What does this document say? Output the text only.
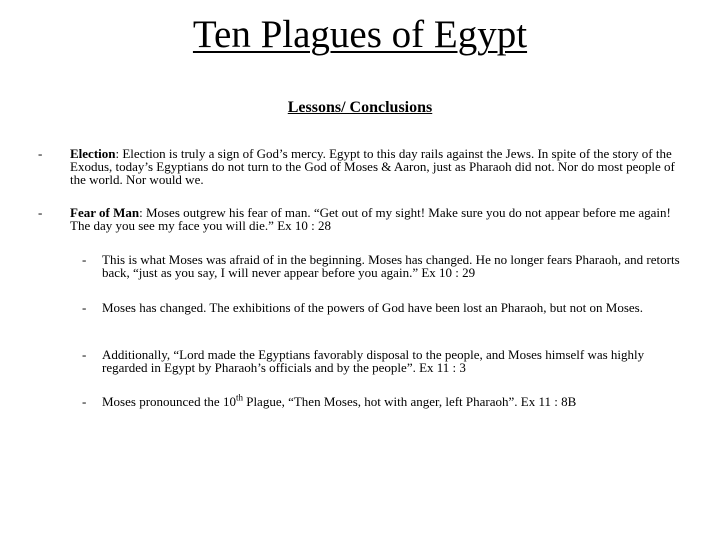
Ten Plagues of Egypt
Lessons/ Conclusions
- Election: Election is truly a sign of God’s mercy. Egypt to this day rails against the Jews. In spite of the story of the Exodus, today’s Egyptians do not turn to the God of Moses & Aaron, just as Pharaoh did not. Nor do most people of the world. Nor would we.
- Fear of Man: Moses outgrew his fear of man. “Get out of my sight! Make sure you do not appear before me again! The day you see my face you will die.” Ex 10 : 28
- This is what Moses was afraid of in the beginning. Moses has changed. He no longer fears Pharaoh, and retorts back, “just as you say, I will never appear before you again.” Ex 10 : 29
- Moses has changed. The exhibitions of the powers of God have been lost an Pharaoh, but not on Moses.
- Additionally, “Lord made the Egyptians favorably disposal to the people, and Moses himself was highly regarded in Egypt by Pharaoh’s officials and by the people”. Ex 11 : 3
- Moses pronounced the 10th Plague, “Then Moses, hot with anger, left Pharaoh”. Ex 11 : 8B
